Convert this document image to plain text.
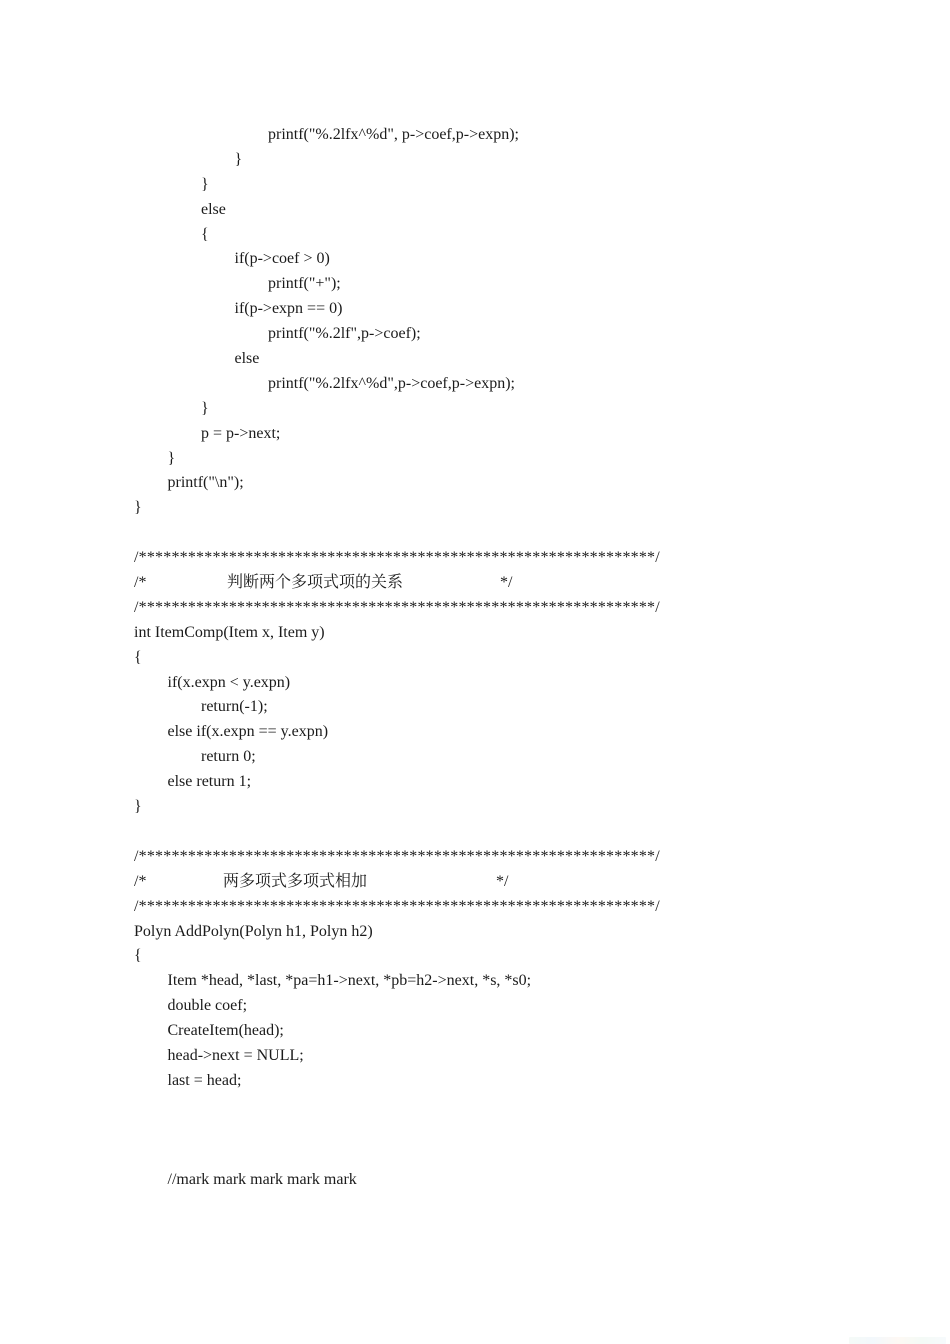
printf("%.2lfx^%d", p->coef,p->expn);
}
}
else
{
if(p->coef > 0)
printf("+");
if(p->expn == 0)
printf("%.2lf",p->coef);
else
printf("%.2lfx^%d",p->coef,p->expn);
}
p = p->next;
}
printf("\n");
}
/***************************************************************/

/*

	判断两个多项式项的关系

	*/

/***************************************************************/
int ItemComp(Item x, Item y)
{
if(x.expn < y.expn)
return(-1);
else if(x.expn == y.expn)
return 0;
else return 1;
}
/***************************************************************/

/*

	两多项式多项式相加

	*/

/***************************************************************/
Polyn AddPolyn(Polyn h1, Polyn h2)
{
Item *head, *last, *pa=h1->next, *pb=h2->next, *s, *s0;
double coef;
CreateItem(head);
head->next = NULL;
last = head;
//mark mark mark mark mark
